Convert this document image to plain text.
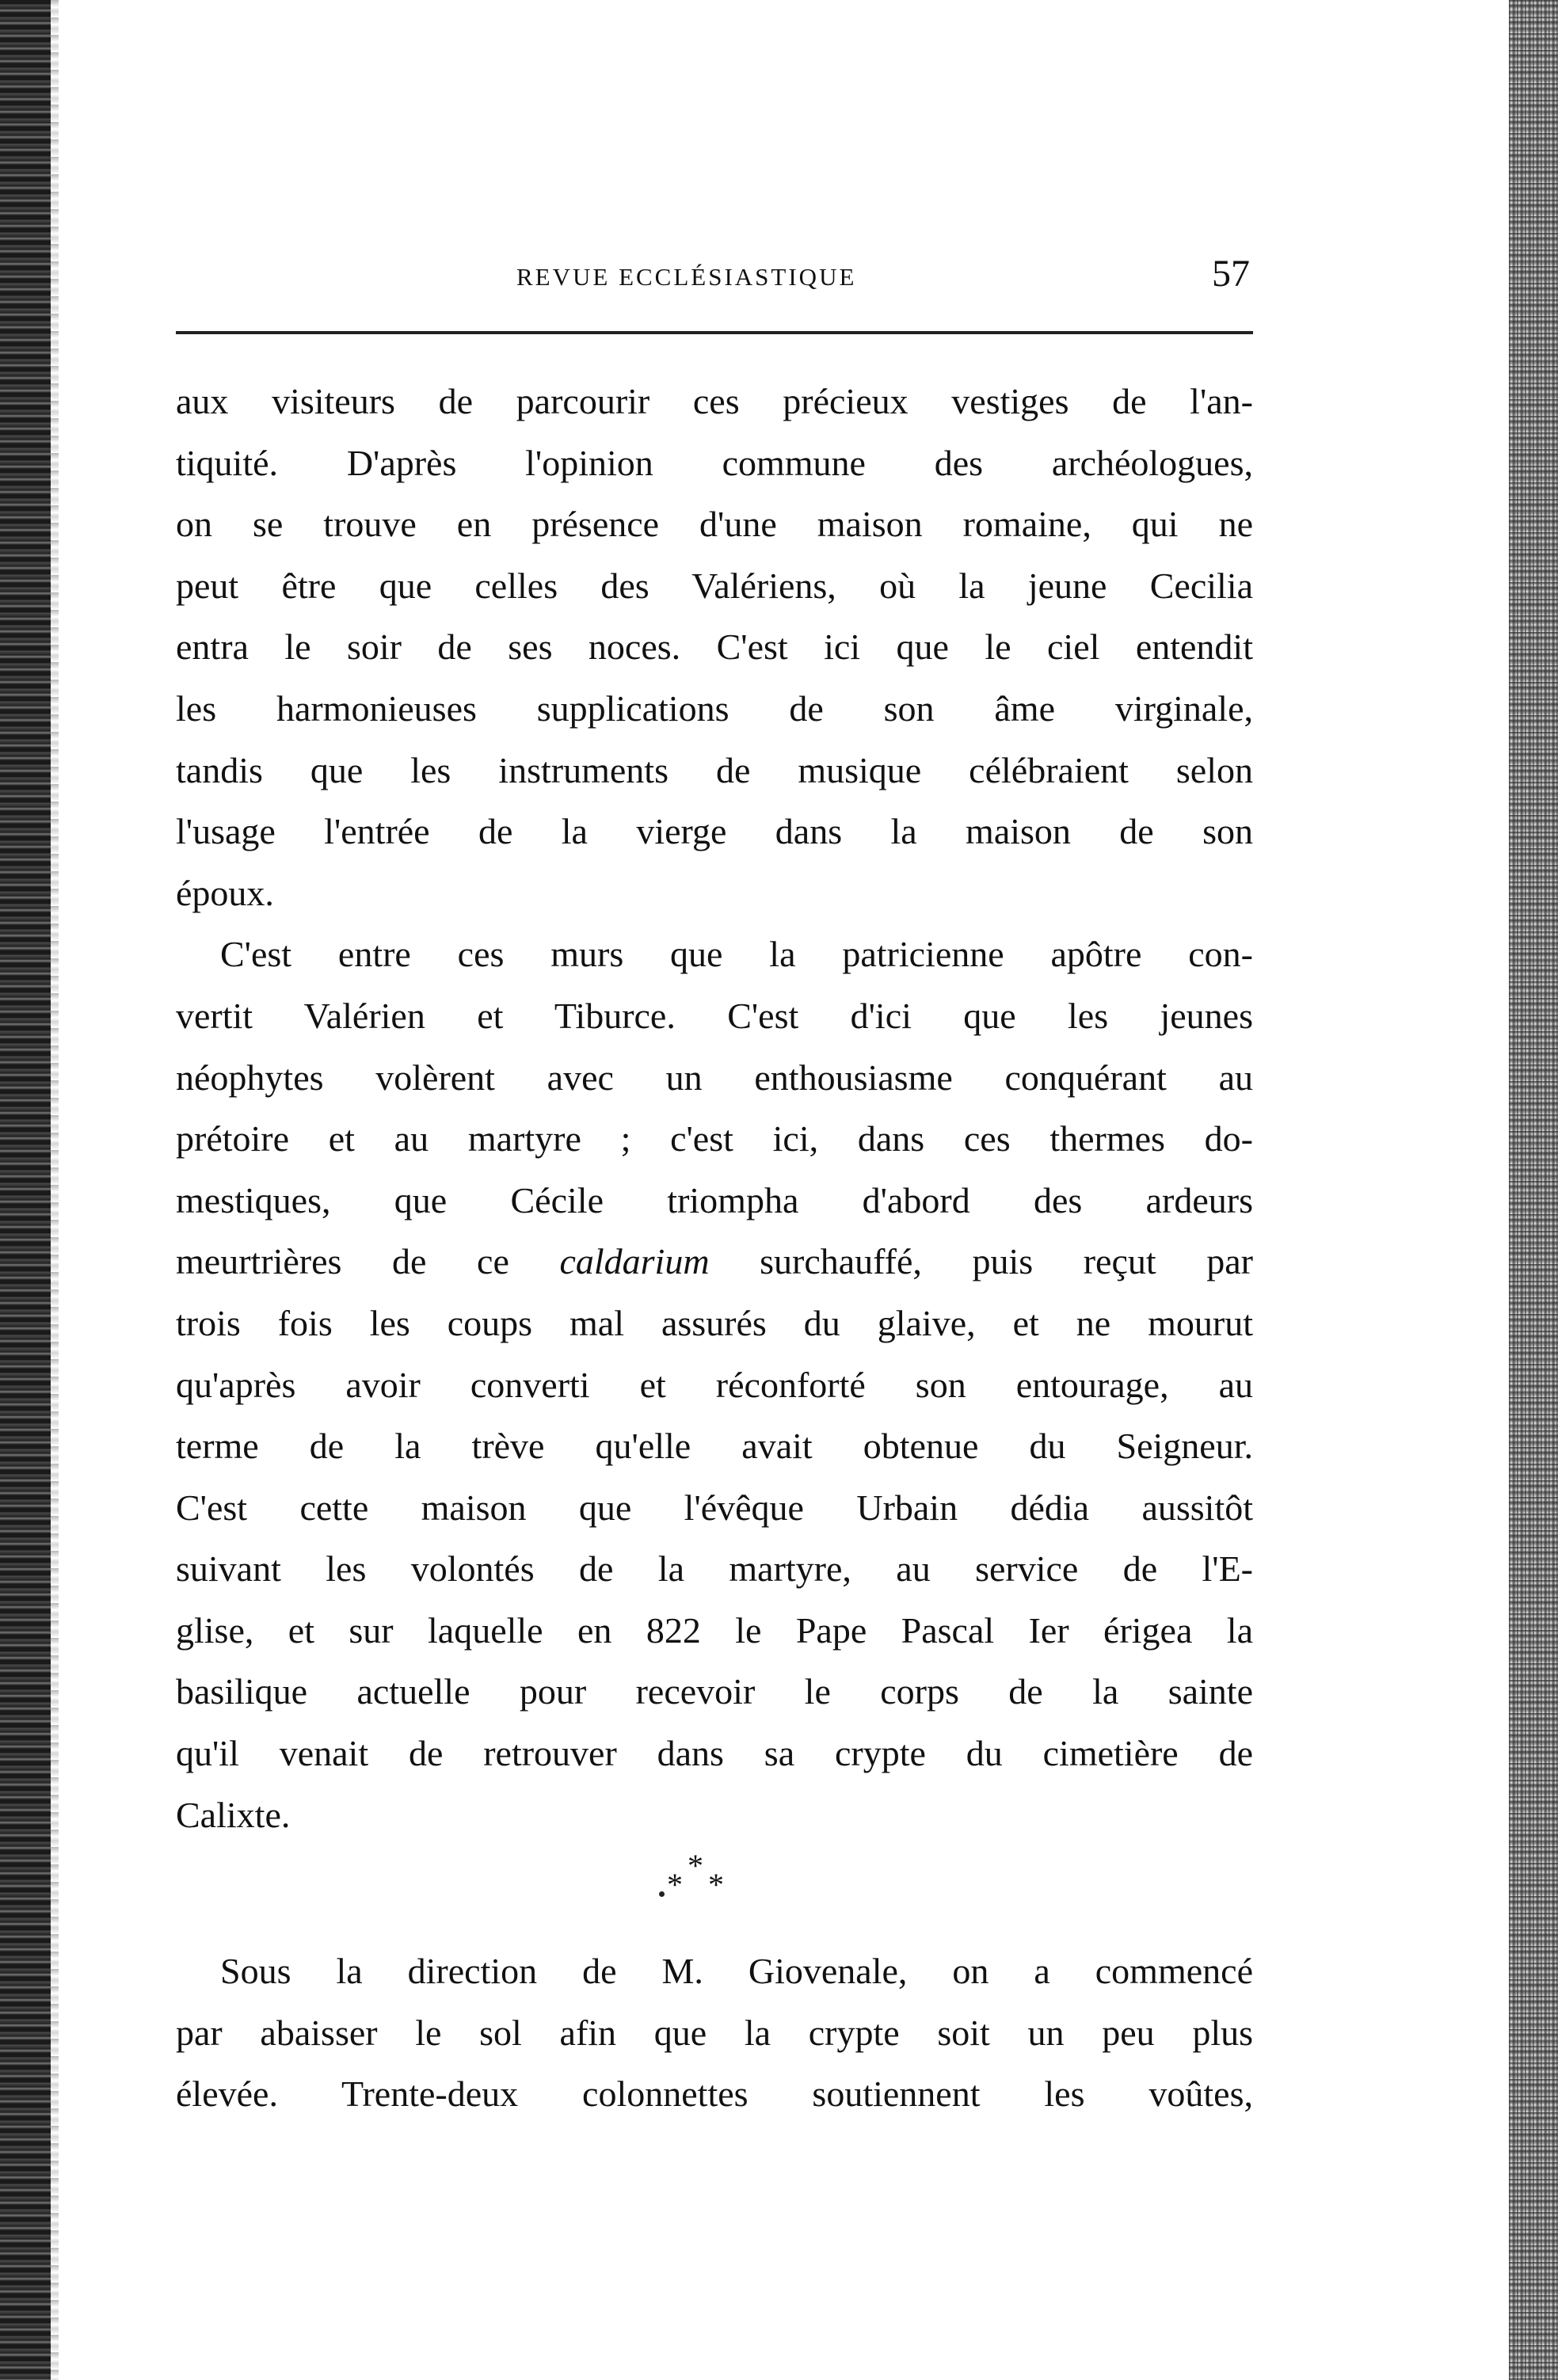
REVUE ECCLÉSIASTIQUE	57
aux visiteurs de parcourir ces précieux vestiges de l'an-
tiquité. D'après l'opinion commune des archéologues,
on se trouve en présence d'une maison romaine, qui ne
peut être que celles des Valériens, où la jeune Cecilia
entra le soir de ses noces. C'est ici que le ciel entendit
les harmonieuses supplications de son âme virginale,
tandis que les instruments de musique célébraient selon
l'usage l'entrée de la vierge dans la maison de son
époux.
C'est entre ces murs que la patricienne apôtre con-
vertit Valérien et Tiburce. C'est d'ici que les jeunes
néophytes volèrent avec un enthousiasme conquérant au
prétoire et au martyre ; c'est ici, dans ces thermes do-
mestiques, que Cécile triompha d'abord des ardeurs
meurtrières de ce caldarium surchauffé, puis reçut par
trois fois les coups mal assurés du glaive, et ne mourut
qu'après avoir converti et réconforté son entourage, au
terme de la trève qu'elle avait obtenue du Seigneur.
C'est cette maison que l'évêque Urbain dédia aussitôt
suivant les volontés de la martyre, au service de l'E-
glise, et sur laquelle en 822 le Pape Pascal Ier érigea la
basilique actuelle pour recevoir le corps de la sainte
qu'il venait de retrouver dans sa crypte du cimetière de
Calixte.
*
* *
Sous la direction de M. Giovenale, on a commencé
par abaisser le sol afin que la crypte soit un peu plus
élevée. Trente-deux colonnettes soutiennent les voûtes,
